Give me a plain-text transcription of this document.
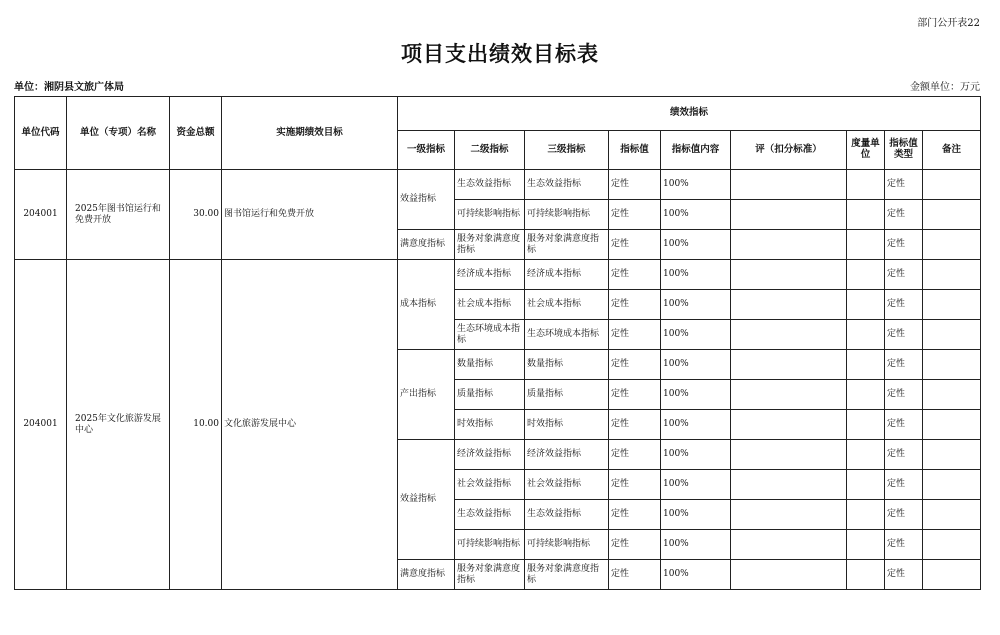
部门公开表22
项目支出绩效目标表
单位：湘阴县文旅广体局	金额单位：万元
单位代码	单位（专项）名称	资金总额	实施期绩效目标	绩效指标								
				一级指标	二级指标	三级指标	指标值	指标值内容	评（扣分标准）	度量单位	指标值类型	备注
204001	2025年图书馆运行和免费开放	30.00	图书馆运行和免费开放	效益指标	生态效益指标	生态效益指标	定性	100%			定性	
					可持续影响指标	可持续影响指标	定性	100%			定性	
				满意度指标	服务对象满意度指标	服务对象满意度指标	定性	100%			定性	
204001	2025年文化旅游发展中心	10.00	文化旅游发展中心	成本指标	经济成本指标	经济成本指标	定性	100%			定性	
					社会成本指标	社会成本指标	定性	100%			定性	
					生态环境成本指标	生态环境成本指标	定性	100%			定性	
				产出指标	数量指标	数量指标	定性	100%			定性	
					质量指标	质量指标	定性	100%			定性	
					时效指标	时效指标	定性	100%			定性	
				效益指标	经济效益指标	经济效益指标	定性	100%			定性	
					社会效益指标	社会效益指标	定性	100%			定性	
					生态效益指标	生态效益指标	定性	100%			定性	
					可持续影响指标	可持续影响指标	定性	100%			定性	
				满意度指标	服务对象满意度指标	服务对象满意度指标	定性	100%			定性	
